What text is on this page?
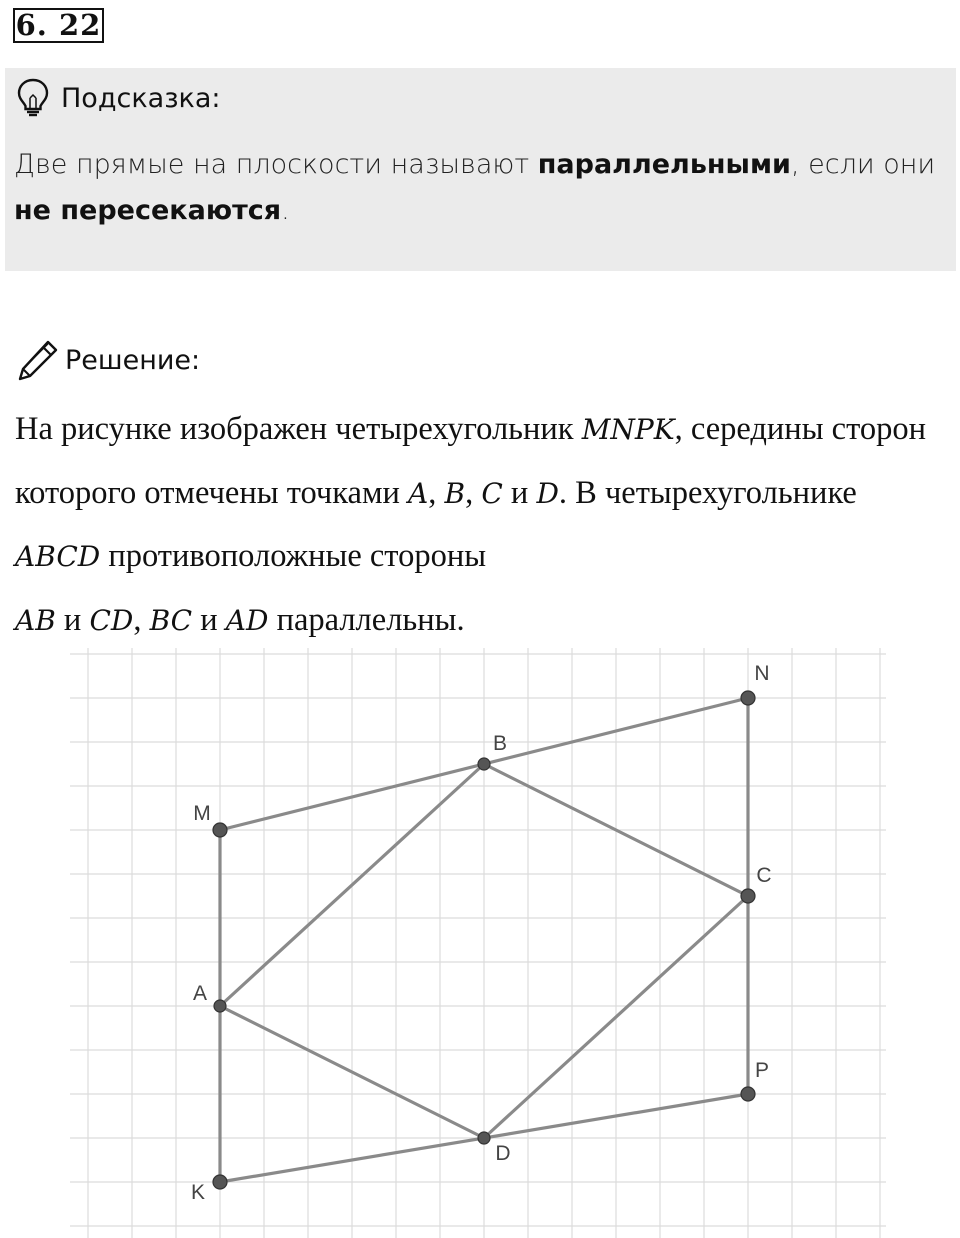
6. 22
Подсказка:
Две прямые на плоскости называют параллельными, если они не пересекаются.
Решение:
На рисунке изображен четырехугольник MNPK, середины сторон которого отмечены точками A, B, C и D. В четырехугольнике ABCD противоположные стороны
AB и CD, BC и AD параллельны.
M
N
P
K
A
B
C
D
